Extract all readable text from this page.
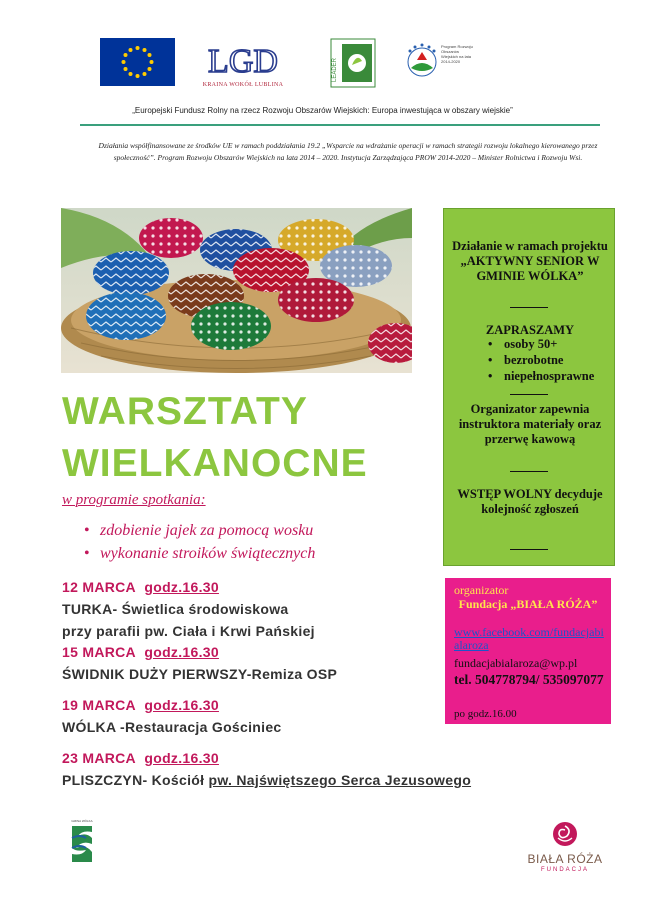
LGD
KRAINA WOKÓŁ LUBLINA
LEADER
Program Rozwoju Obszarów Wiejskich na lata 2014-2020
„Europejski Fundusz Rolny na rzecz Rozwoju Obszarów Wiejskich: Europa inwestująca w obszary wiejskie”
Działania współfinansowane ze środków UE w ramach poddziałania 19.2 „Wsparcie na wdrażanie operacji w ramach strategii rozwoju lokalnego kierowanego przez społeczność”. Program Rozwoju Obszarów Wiejskich na lata 2014 – 2020. Instytucja Zarządzająca PROW 2014-2020 – Minister Rolnictwa i Rozwoju Wsi.
WARSZTATY
WIELKANOCNE
w programie spotkania:
• zdobienie jajek za pomocą wosku
• wykonanie stroików świątecznych
12 MARCA godz.16.30
TURKA- Świetlica środowiskowa
przy parafii pw. Ciała i Krwi Pańskiej
15 MARCA godz.16.30
ŚWIDNIK DUŻY PIERWSZY-Remiza OSP
19 MARCA godz.16.30
WÓLKA -Restauracja Gościniec
23 MARCA godz.16.30
PLISZCZYN- Kościół pw. Najświętszego Serca Jezusowego
Działanie w ramach projektu „AKTYWNY SENIOR W GMINIE WÓLKA”
ZAPRASZAMY
• osoby 50+
• bezrobotne
• niepełnosprawne
Organizator zapewnia instruktora materiały oraz przerwę kawową
WSTĘP WOLNY decyduje kolejność zgłoszeń
organizator
Fundacja „BIAŁA RÓŻA”
www.facebook.com/fundacjabialaroza
fundacjabialaroza@wp.pl
tel. 504778794/ 535097077
po godz.16.00
GMINA WÓLKA
BIAŁA RÓŻA
FUNDACJA
